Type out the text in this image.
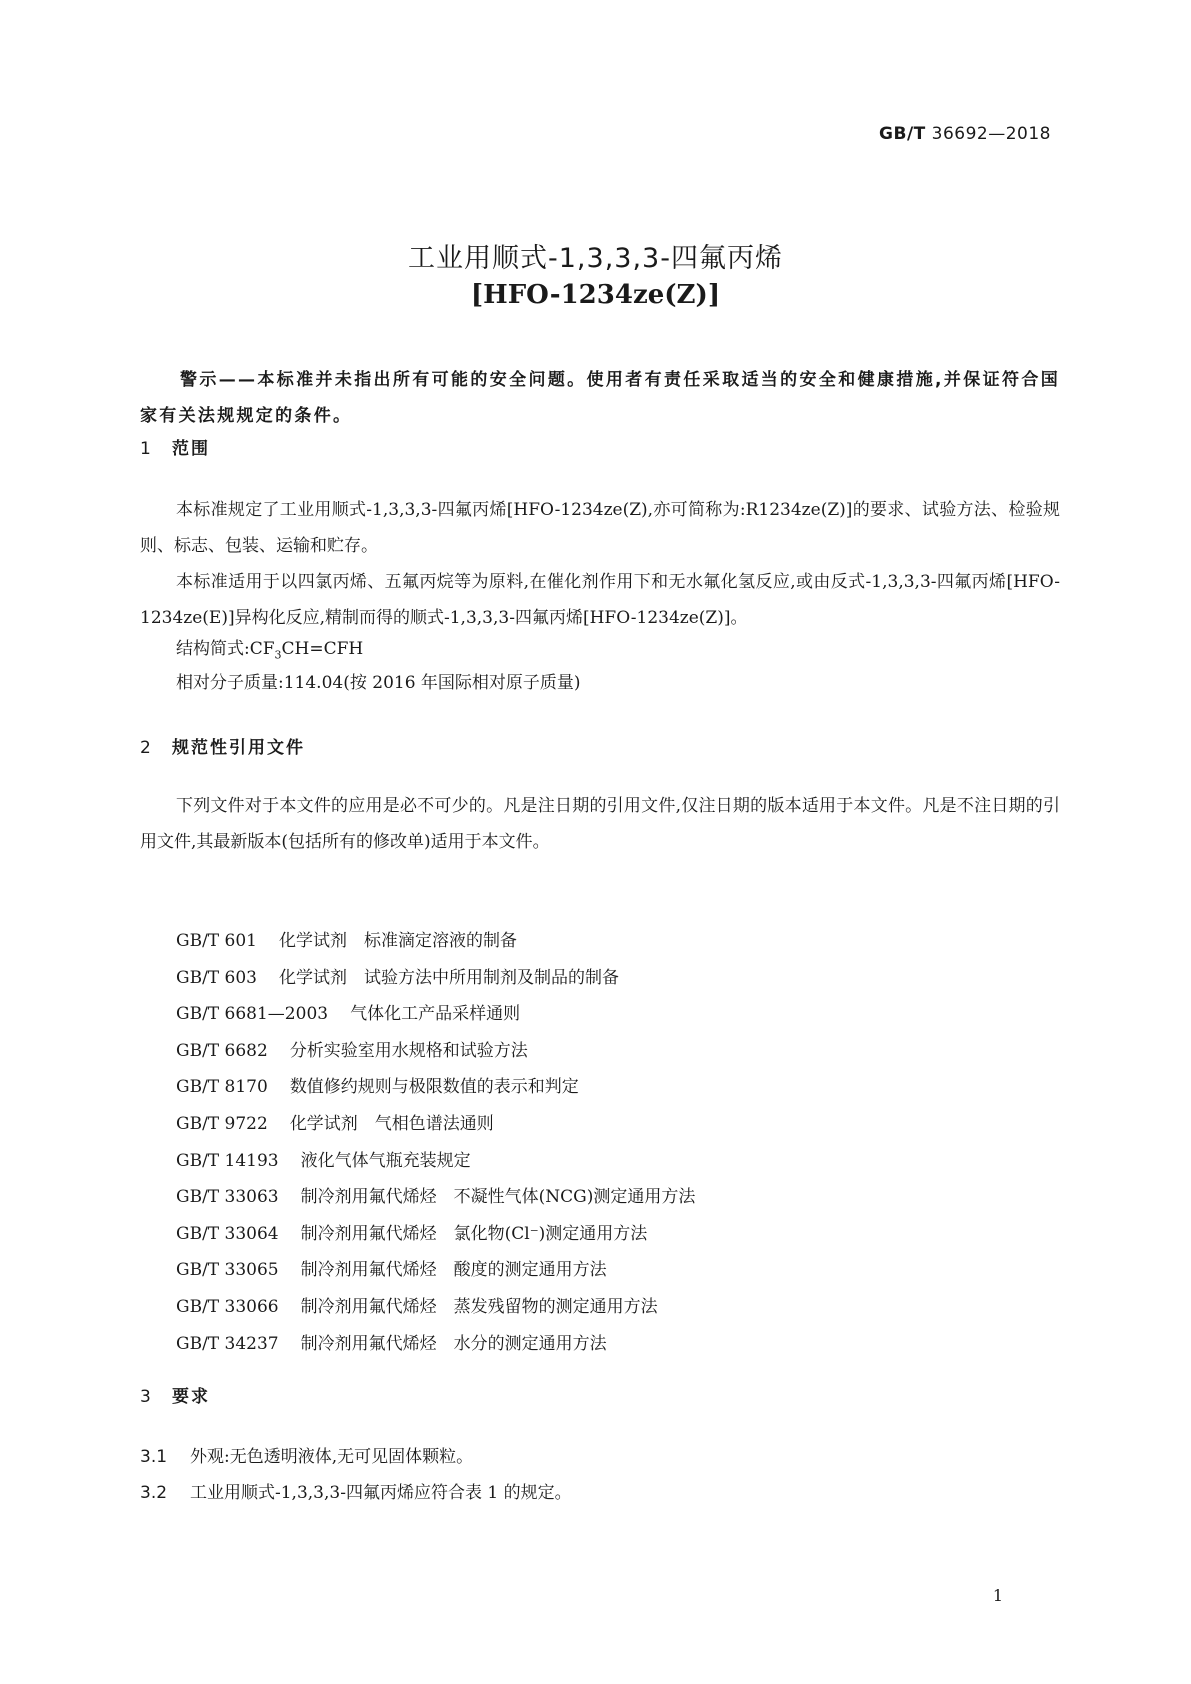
GB/T 36692—2018
工业用顺式-1,3,3,3-四氟丙烯
[HFO-1234ze(Z)]
警示——本标准并未指出所有可能的安全问题。使用者有责任采取适当的安全和健康措施,并保证符合国家有关法规规定的条件。
1 范围
本标准规定了工业用顺式-1,3,3,3-四氟丙烯[HFO-1234ze(Z),亦可简称为:R1234ze(Z)]的要求、试验方法、检验规则、标志、包装、运输和贮存。
本标准适用于以四氯丙烯、五氟丙烷等为原料,在催化剂作用下和无水氟化氢反应,或由反式-1,3,3,3-四氟丙烯[HFO-1234ze(E)]异构化反应,精制而得的顺式-1,3,3,3-四氟丙烯[HFO-1234ze(Z)]。
结构简式$:CF_3CH=CFH$
相对分子质量:114.04(按 2016 年国际相对原子质量)
2 规范性引用文件
下列文件对于本文件的应用是必不可少的。凡是注日期的引用文件,仅注日期的版本适用于本文件。凡是不注日期的引用文件,其最新版本(包括所有的修改单)适用于本文件。
GB/T 601 化学试剂　标准滴定溶液的制备
GB/T 603 化学试剂　试验方法中所用制剂及制品的制备
GB/T 6681—2003 气体化工产品采样通则
GB/T 6682 分析实验室用水规格和试验方法
GB/T 8170 数值修约规则与极限数值的表示和判定
GB/T 9722 化学试剂　气相色谱法通则
GB/T 14193 液化气体气瓶充装规定
GB/T 33063 制冷剂用氟代烯烃　不凝性气体(NCG)测定通用方法
GB/T 33064 制冷剂用氟代烯烃　氯化物(Cl⁻)测定通用方法
GB/T 33065 制冷剂用氟代烯烃　酸度的测定通用方法
GB/T 33066 制冷剂用氟代烯烃　蒸发残留物的测定通用方法
GB/T 34237 制冷剂用氟代烯烃　水分的测定通用方法
3 要求
3.1 外观:无色透明液体,无可见固体颗粒。
3.2 工业用顺式-1,3,3,3-四氟丙烯应符合表 1 的规定。
1
